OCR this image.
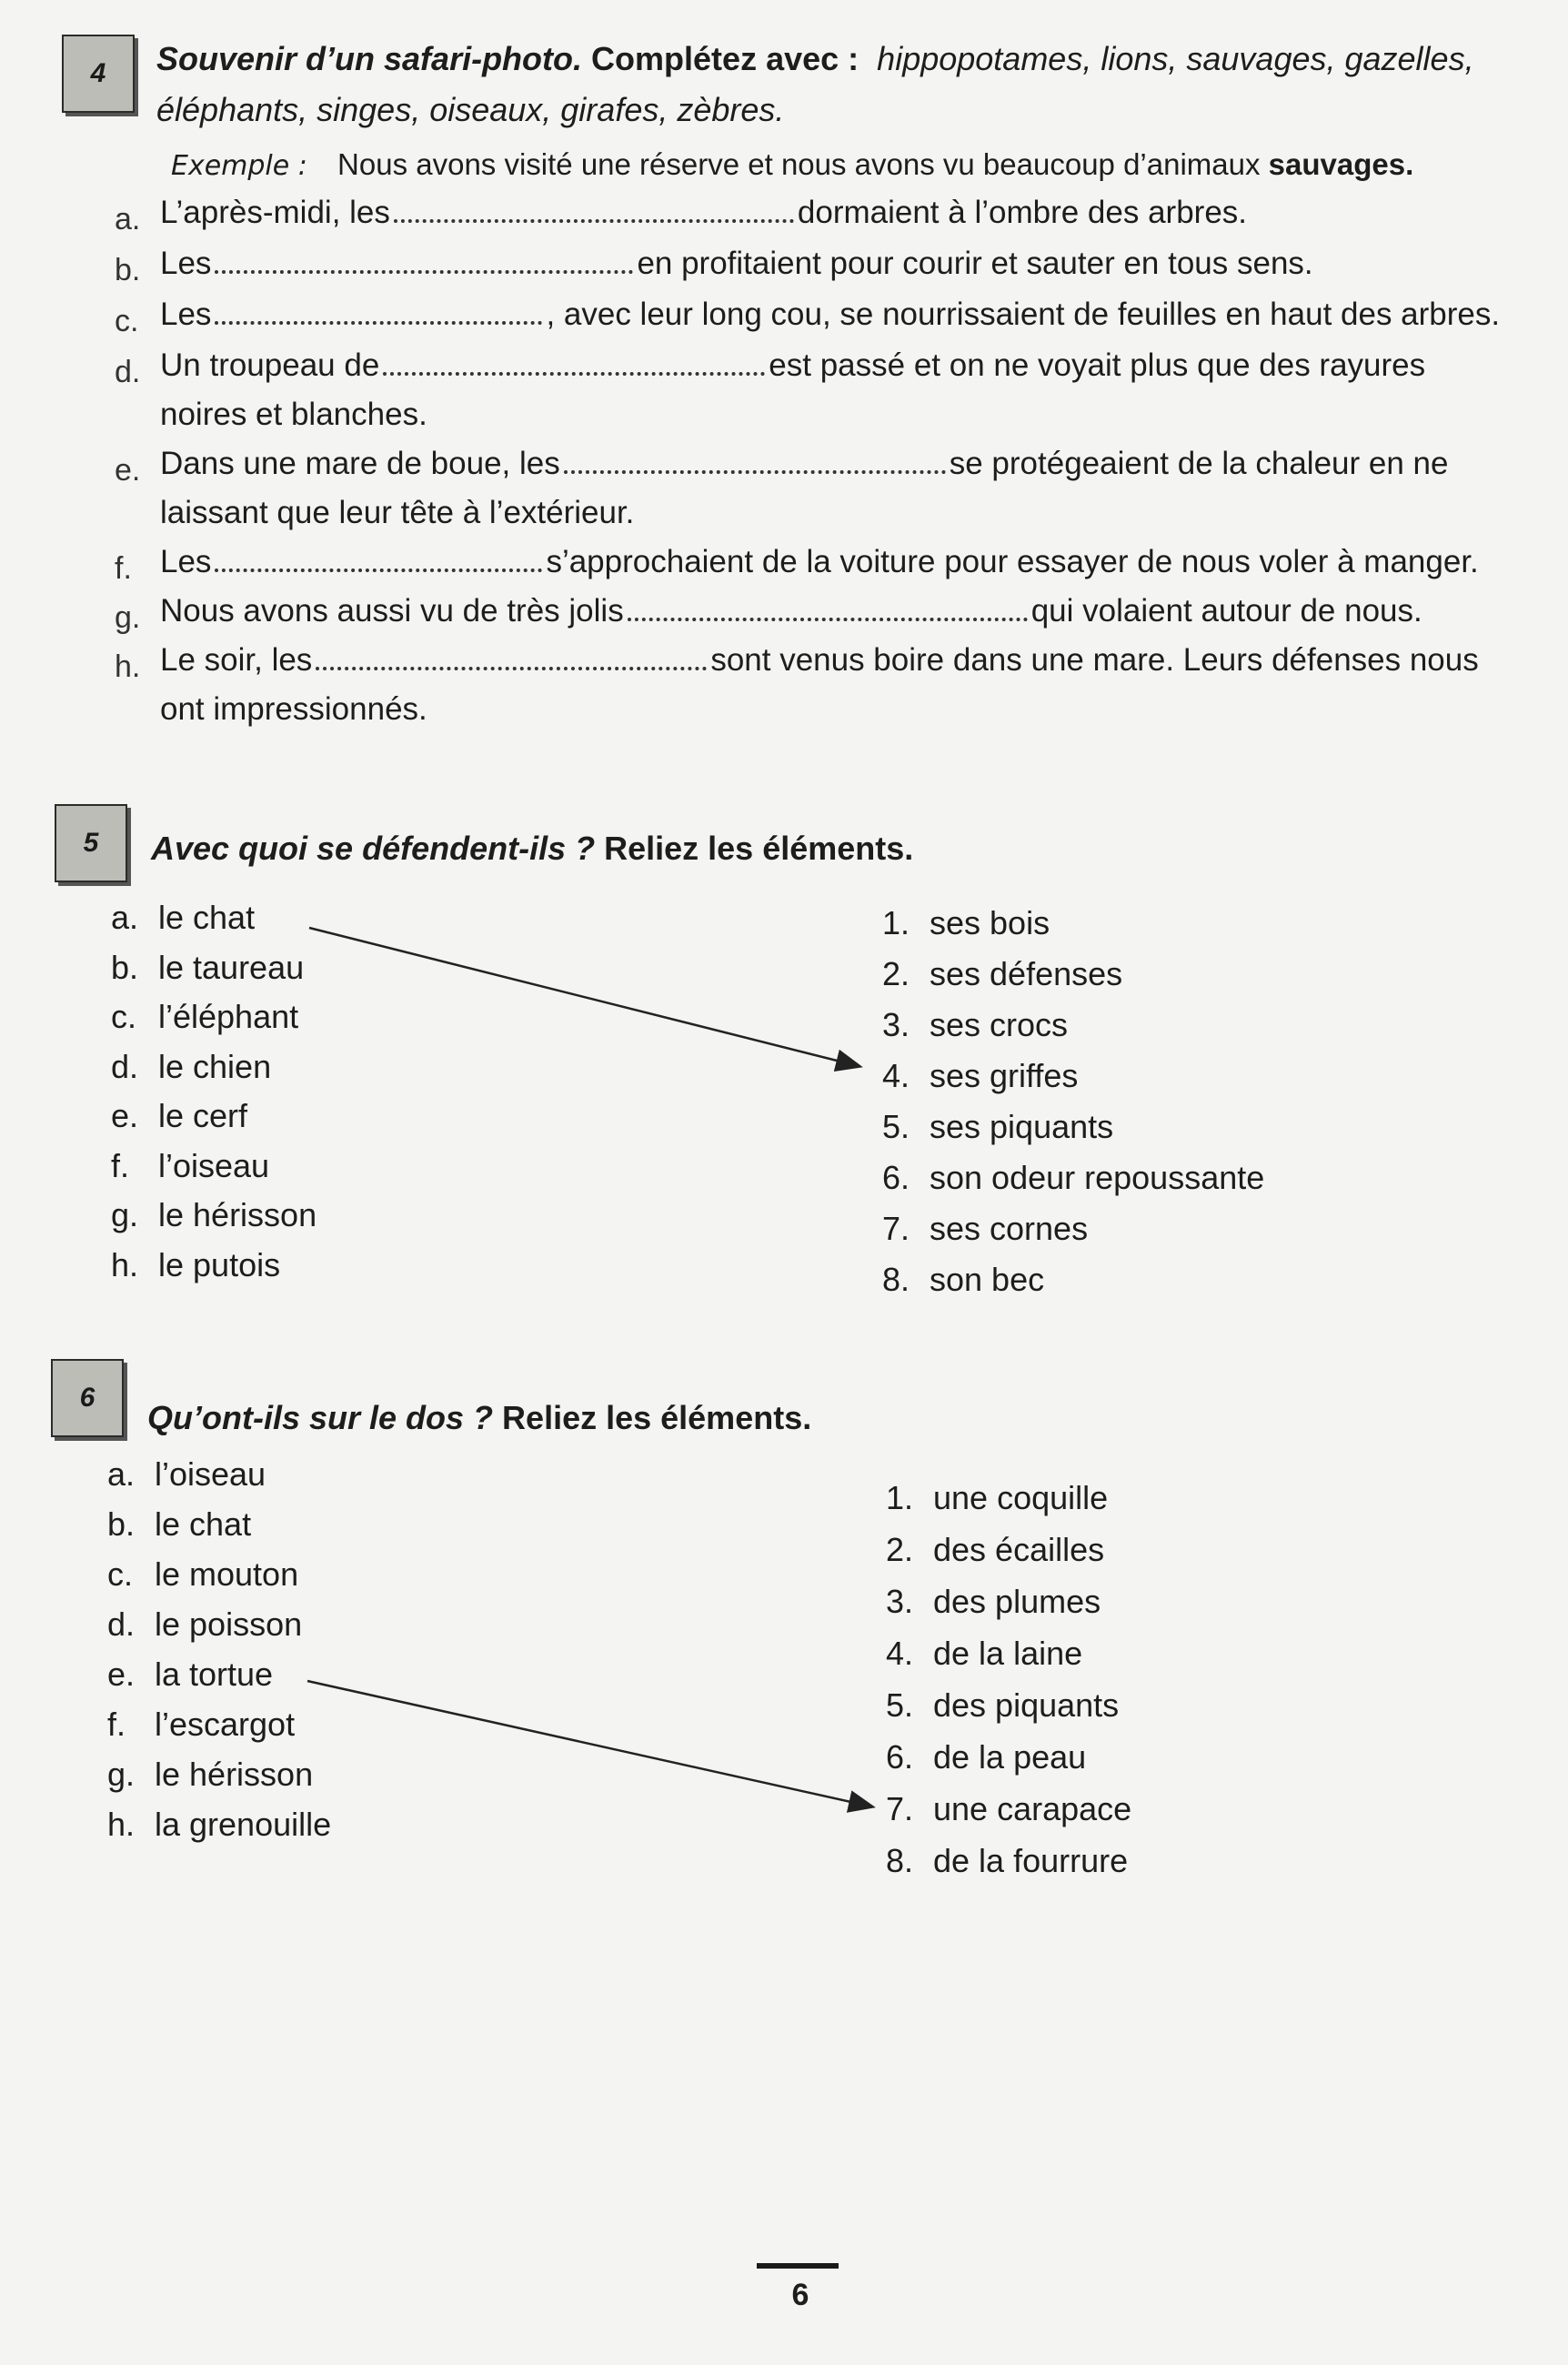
4 Souvenir d’un safari-photo. Complétez avec : hippopotames, lions, sauvages, gazelles,
éléphants, singes, oiseaux, girafes, zèbres.
Exemple : Nous avons visité une réserve et nous avons vu beaucoup d’animaux sauvages.
a. L’après-midi, les	dormaient à l’ombre des arbres.
b. Les	en profitaient pour courir et sauter en tous sens.
c. Les	, avec leur long cou, se nourrissaient de feuilles en haut des arbres.
d. Un troupeau de	est passé et on ne voyait plus que des rayures
noires et blanches.
e. Dans une mare de boue, les	se protégeaient de la chaleur en ne
laissant que leur tête à l’extérieur.
f. Les	s’approchaient de la voiture pour essayer de nous voler à manger.
g. Nous avons aussi vu de très jolis	qui volaient autour de nous.
h. Le soir, les	sont venus boire dans une mare. Leurs défenses nous
ont impressionnés.
5 Avec quoi se défendent-ils ? Reliez les éléments.
a. le chat
b. le taureau
c. l’éléphant
d. le chien
e. le cerf
f. l’oiseau
g. le hérisson
h. le putois
1. ses bois
2. ses défenses
3. ses crocs
4. ses griffes
5. ses piquants
6. son odeur repoussante
7. ses cornes
8. son bec
6
Qu’ont-ils sur le dos ? Reliez les éléments.
a. l’oiseau
b. le chat
c. le mouton
d. le poisson
e. la tortue
f. l’escargot
g. le hérisson
h. la grenouille
1. une coquille
2. des écailles
3. des plumes
4. de la laine
5. des piquants
6. de la peau
7. une carapace
8. de la fourrure
6
